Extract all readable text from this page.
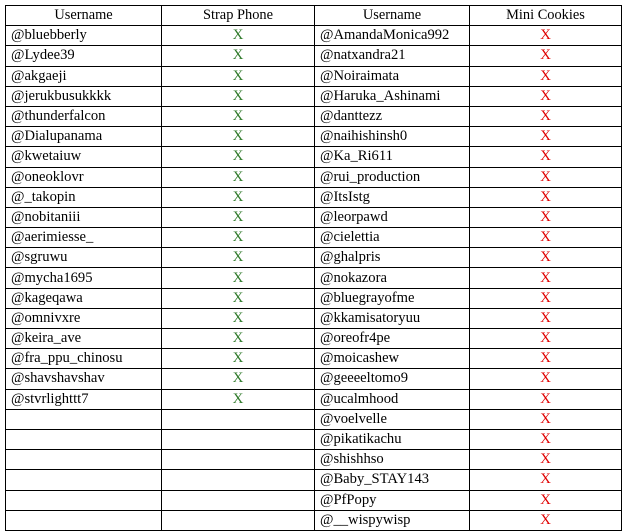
Username	Strap Phone	Username	Mini Cookies
@bluebberly	X	@AmandaMonica992	X
@Lydee39	X	@natxandra21	X
@akgaeji	X	@Noiraimata	X
@jerukbusukkkk	X	@Haruka_Ashinami	X
@thunderfalcon	X	@danttezz	X
@Dialupanama	X	@naihishinsh0	X
@kwetaiuw	X	@Ka_Ri611	X
@oneoklovr	X	@rui_production	X
@_takopin	X	@ItsIstg	X
@nobitaniii	X	@leorpawd	X
@aerimiesse_	X	@cielettia	X
@sgruwu	X	@ghalpris	X
@mycha1695	X	@nokazora	X
@kageqawa	X	@bluegrayofme	X
@omnivxre	X	@kkamisatoryuu	X
@keira_ave	X	@oreofr4pe	X
@fra_ppu_chinosu	X	@moicashew	X
@shavshavshav	X	@geeeeltomo9	X
@stvrlighttt7	X	@ucalmhood	X
		@voelvelle	X
		@pikatikachu	X
		@shishhso	X
		@Baby_STAY143	X
		@PfPopy	X
		@__wispywisp	X
